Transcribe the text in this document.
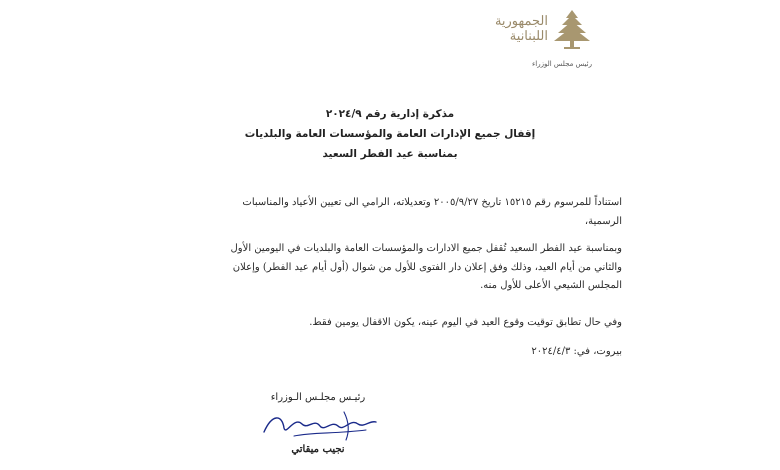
الجمهورية
اللبنانية
رئيس مجلس الوزراء
مذكرة إدارية رقم ٢٠٢٤/٩
إقفال جميع الإدارات العامة والمؤسسات العامة والبلديات
بمناسبة عيد الفطر السعيد
استناداً للمرسوم رقم ١٥٢١٥ تاريخ ٢٠٠٥/٩/٢٧ وتعديلاته، الرامي الى تعيين الأعياد والمناسبات الرسمية،
وبمناسبة عيد الفطر السعيد تُقفل جميع الادارات والمؤسسات العامة والبلديات في اليومين الأول والثاني من أيام العيد، وذلك وفق إعلان دار الفتوى للأول من شوال (أول أيام عيد الفطر) وإعلان المجلس الشيعي الأعلى للأول منه.
وفي حال تطابق توقيت وقوع العيد في اليوم عينه، يكون الاقفال يومين فقط.
بيروت، في: ٢٠٢٤/٤/٣
رئيـس مجلـس الـوزراء
نجيب ميقاتي
